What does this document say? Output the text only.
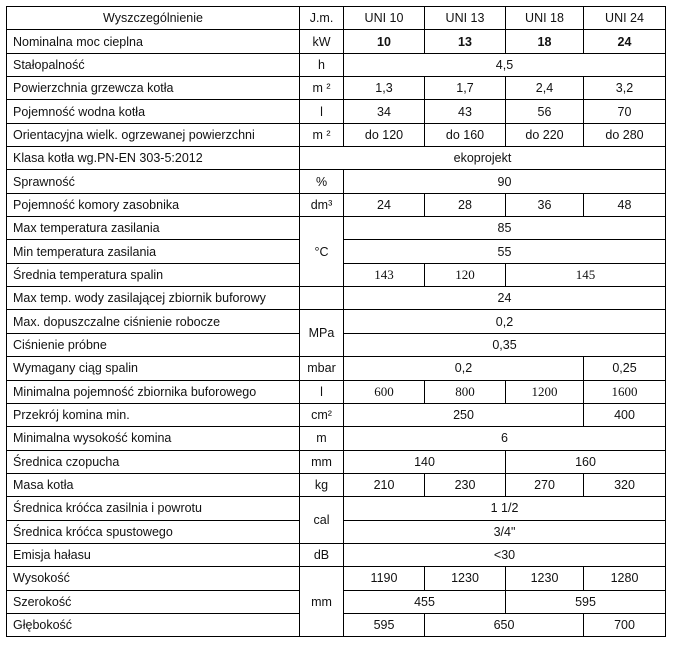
Wyszczególnienie	J.m.	UNI 10	UNI 13	UNI 18	UNI 24
Nominalna moc cieplna	kW	10	13	18	24
Stałopalność	h	4,5			
Powierzchnia grzewcza kotła	m ²	1,3	1,7	2,4	3,2
Pojemność wodna kotła	l	34	43	56	70
Orientacyjna wielk. ogrzewanej powierzchni	m ²	do 120	do 160	do 220	do 280
Klasa kotła wg.PN-EN 303-5:2012	ekoprojekt				
Sprawność	%	90			
Pojemność komory zasobnika	dm³	24	28	36	48
Max temperatura zasilania	°C	85			
Min temperatura zasilania		55			
Średnia temperatura spalin		143	120	145	
Max temp. wody zasilającej zbiornik buforowy		24			
Max. dopuszczalne ciśnienie robocze	MPa	0,2			
Ciśnienie próbne		0,35			
Wymagany ciąg spalin	mbar	0,2			0,25
Minimalna pojemność zbiornika buforowego	l	600	800	1200	1600
Przekrój komina min.	cm²	250			400
Minimalna wysokość komina	m	6			
Średnica czopucha	mm	140		160	
Masa kotła	kg	210	230	270	320
Średnica króćca zasilnia i powrotu	cal	1 1/2			
Średnica króćca spustowego		3/4"			
Emisja hałasu	dB	<30			
Wysokość	mm	1190	1230	1230	1280
Szerokość		455		595	
Głębokość		595	650		700
